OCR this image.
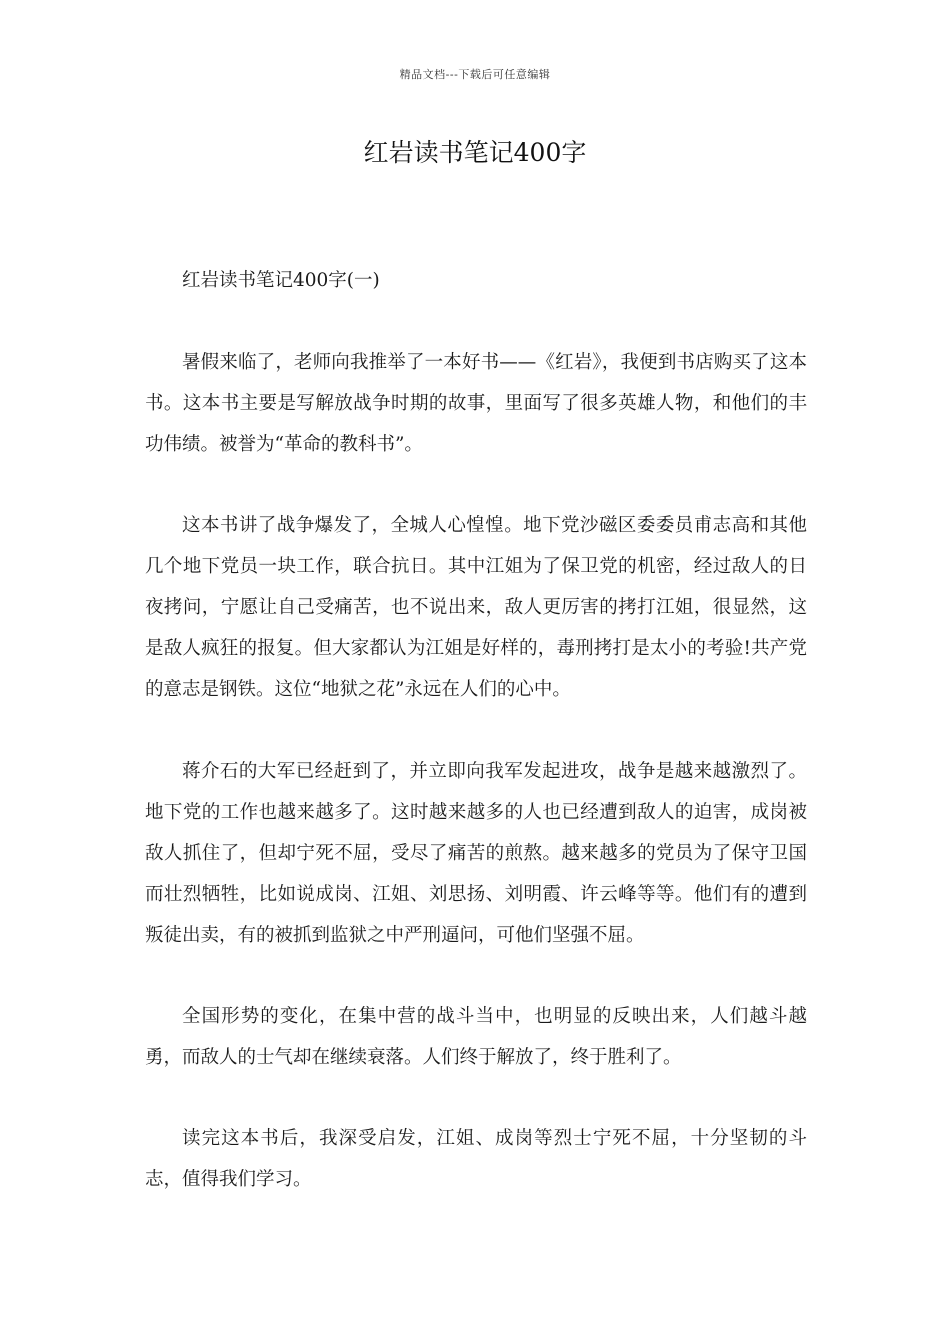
精品文档---下载后可任意编辑
红岩读书笔记400字

红岩读书笔记400字(一)

暑假来临了，老师向我推举了一本好书——《红岩》，我便到书店购买了这本书。这本书主要是写解放战争时期的故事，里面写了很多英雄人物，和他们的丰功伟绩。被誉为“革命的教科书”。

这本书讲了战争爆发了，全城人心惶惶。地下党沙磁区委委员甫志高和其他几个地下党员一块工作，联合抗日。其中江姐为了保卫党的机密，经过敌人的日夜拷问，宁愿让自己受痛苦，也不说出来，敌人更厉害的拷打江姐，很显然，这是敌人疯狂的报复。但大家都认为江姐是好样的，毒刑拷打是太小的考验!共产党的意志是钢铁。这位“地狱之花”永远在人们的心中。

蒋介石的大军已经赶到了，并立即向我军发起进攻，战争是越来越激烈了。地下党的工作也越来越多了。这时越来越多的人也已经遭到敌人的迫害，成岗被敌人抓住了，但却宁死不屈，受尽了痛苦的煎熬。越来越多的党员为了保守卫国而壮烈牺牲，比如说成岗、江姐、刘思扬、刘明霞、许云峰等等。他们有的遭到叛徒出卖，有的被抓到监狱之中严刑逼问，可他们坚强不屈。

全国形势的变化，在集中营的战斗当中，也明显的反映出来，人们越斗越勇，而敌人的士气却在继续衰落。人们终于解放了，终于胜利了。

读完这本书后，我深受启发，江姐、成岗等烈士宁死不屈，十分坚韧的斗志，值得我们学习。
